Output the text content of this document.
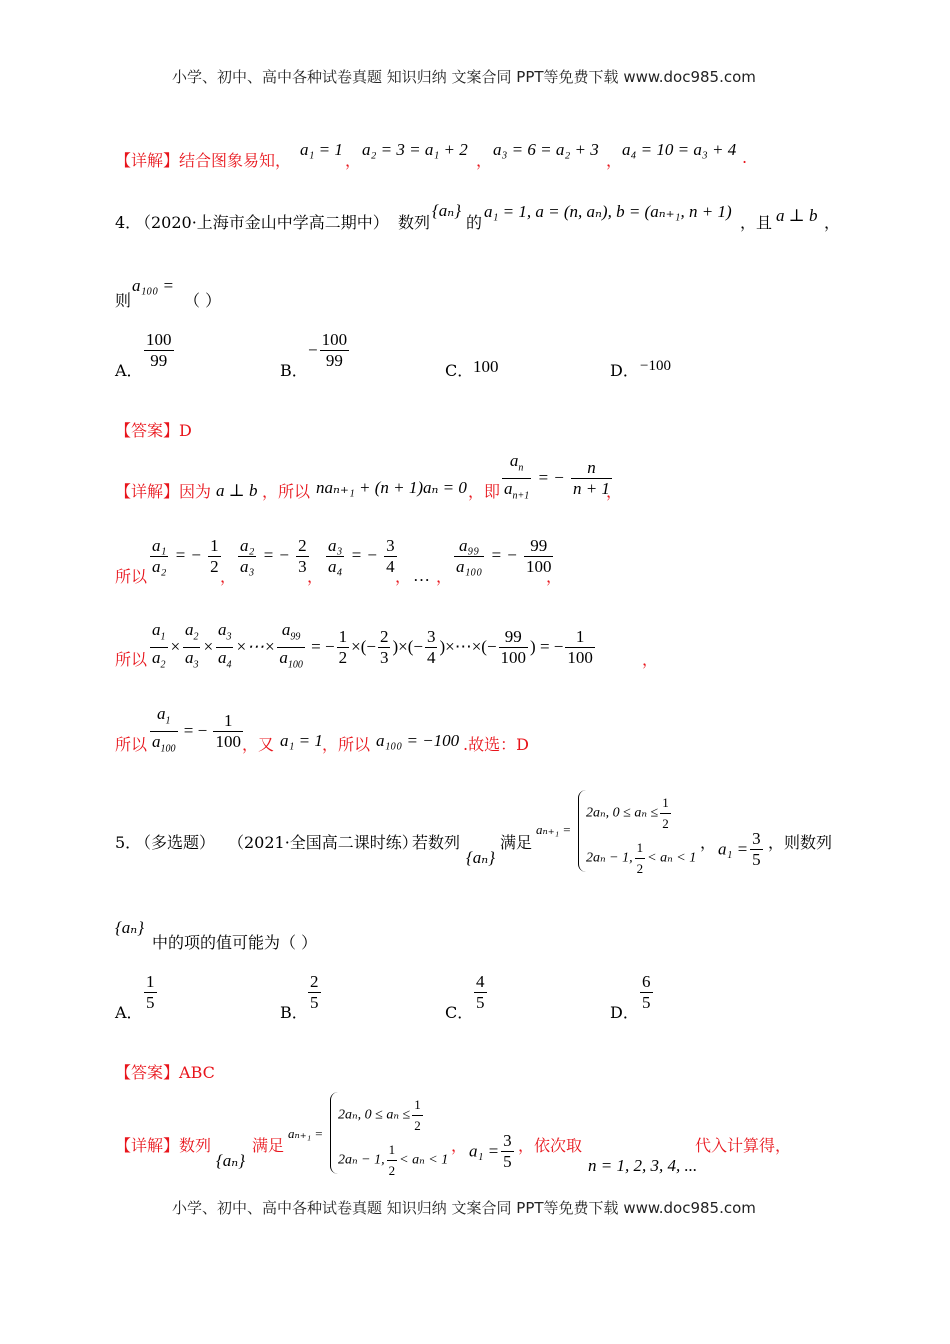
小学、初中、高中各种试卷真题 知识归纳 文案合同 PPT等免费下载 www.doc985.com
【详解】结合图象易知，
a₁ = 1
，
a₂ = 3 = a₁ + 2
，
a₃ = 6 = a₂ + 3
，
a₄ = 10 = a₃ + 4 .
4．
（2020·上海市金山中学高二期中） 数列
{aₙ}
的
a₁ = 1, a = (n, aₙ), b = (aₙ₊₁, n + 1)
，且 a ⊥ b ，
则
a₁₀₀ =
（ ）
A． $\frac{100}{99}$	B．
− $\frac{100}{99}$	C． 100	D． −100
【答案】D
【详解】因为 a ⊥ b ，所以 naₙ₊₁ + (n + 1)aₙ = 0 ，即 $\frac{a_n}{a_{n+1}}$ = − $\frac{n}{n + 1}$
，
所以 $\frac{\text{a₁}}{\text{a₂}}$ = − $\frac{1}{2}$ ， $\frac{\text{a₂}}{\text{a₃}}$ = − $\frac{2}{3}$
， $\frac{\text{a₃}}{\text{a₄}}$ = − $\frac{3}{4}$
， … ， $\frac{\text{a₉₉}}{\text{a₁₀₀}}$ = − $\frac{99}{100}$
，
所以 $\frac{a_1}{a_2} \times \frac{a_2}{a_3} \times \frac{a_3}{a_4}$ ×⋯× $\frac{a_{99}}{a_{100}}$ = − $\frac{1}{2}$ ×(− $\frac{2}{3}$ )×(− $\frac{3}{4}$ )×⋯×(− $\frac{99}{100}$ ) = − $\frac{1}{100}$	，
所以 $\frac{a_1}{a_{100}}$ = − $\frac{1}{100}$ ，又 a₁ = 1 ，所以 a₁₀₀ = −100 .故选：D
5．
（多选题） （2021·全国高二课时练）
若数列
{aₙ}
满足
aₙ₊₁ =
2aₙ, $0 \le a_n \le \frac{1}{2}$
2aₙ − 1, $\frac{1}{2} < a_n < 1$
， $a_1 = \frac{3}{5}$ ，则数列
{aₙ}
中的项的值可能为（ ）
A． $\frac{1}{5}$	B． $\frac{2}{5}$	C． $\frac{4}{5}$	D． $\frac{6}{5}$
【答案】ABC
【详解】数列
{aₙ}
满足
aₙ₊₁ =
2aₙ, $0 \le a_n \le \frac{1}{2}$
2aₙ − 1, $\frac{1}{2} < a_n < 1$
， $a_1 = \frac{3}{5}$ ，依次取
n = 1, 2, 3, 4, ...
代入计算得，
小学、初中、高中各种试卷真题 知识归纳 文案合同 PPT等免费下载 www.doc985.com
